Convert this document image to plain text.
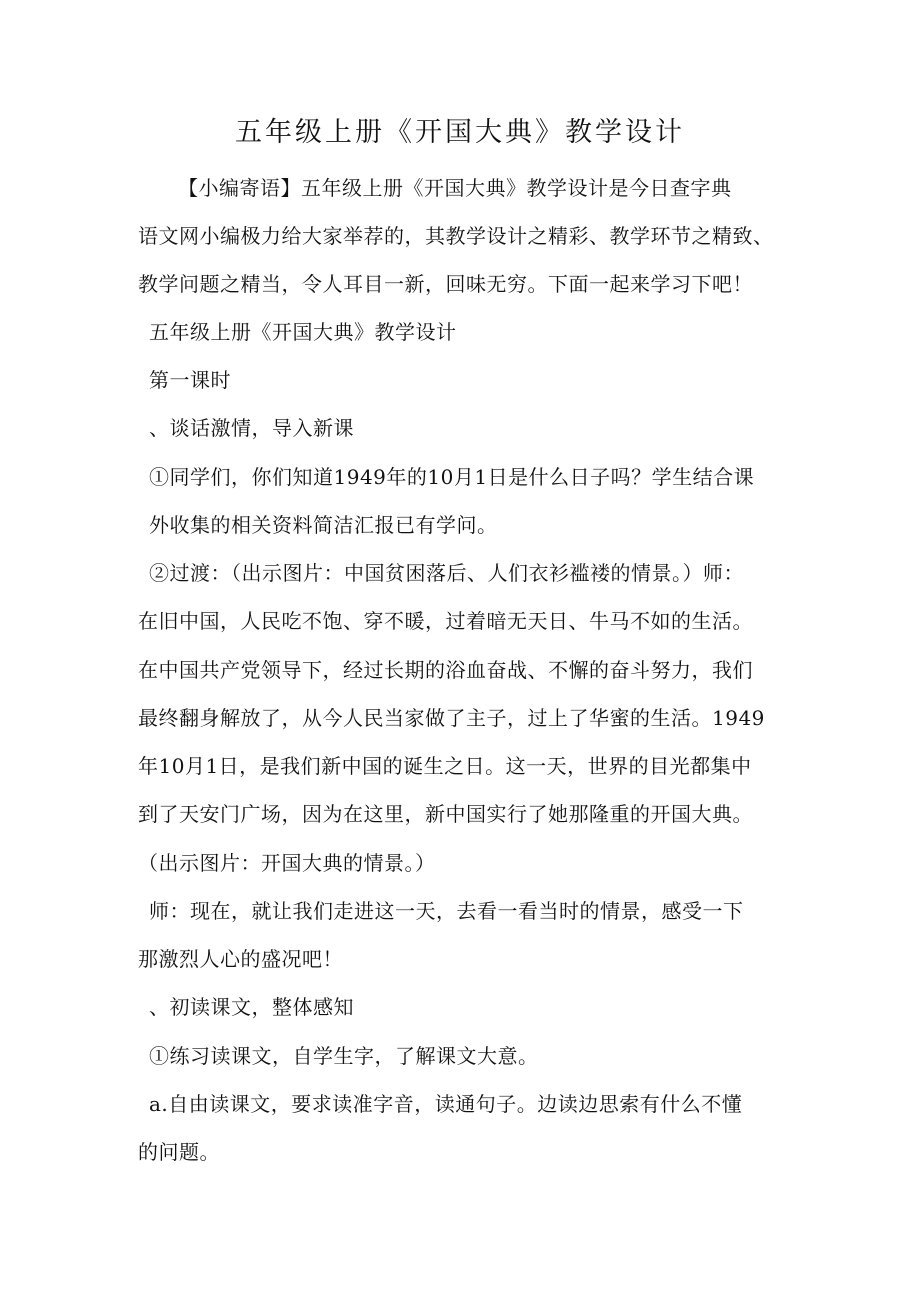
五年级上册《开国大典》教学设计
【小编寄语】五年级上册《开国大典》教学设计是今日查字典
语文网小编极力给大家举荐的，其教学设计之精彩、教学环节之精致、
教学问题之精当，令人耳目一新，回味无穷。下面一起来学习下吧！
五年级上册《开国大典》教学设计
第一课时
、谈话激情，导入新课
①同学们，你们知道1949年的10月1日是什么日子吗？学生结合课
外收集的相关资料简洁汇报已有学问。
②过渡：（出示图片：中国贫困落后、人们衣衫褴褛的情景。）师：
在旧中国，人民吃不饱、穿不暖，过着暗无天日、牛马不如的生活。
在中国共产党领导下，经过长期的浴血奋战、不懈的奋斗努力，我们
最终翻身解放了，从今人民当家做了主子，过上了华蜜的生活。1949
年10月1日，是我们新中国的诞生之日。这一天，世界的目光都集中
到了天安门广场，因为在这里，新中国实行了她那隆重的开国大典。
（出示图片：开国大典的情景。）
师：现在，就让我们走进这一天，去看一看当时的情景，感受一下
那激烈人心的盛况吧！
、初读课文，整体感知
①练习读课文，自学生字，了解课文大意。
a.自由读课文，要求读准字音，读通句子。边读边思索有什么不懂
的问题。
